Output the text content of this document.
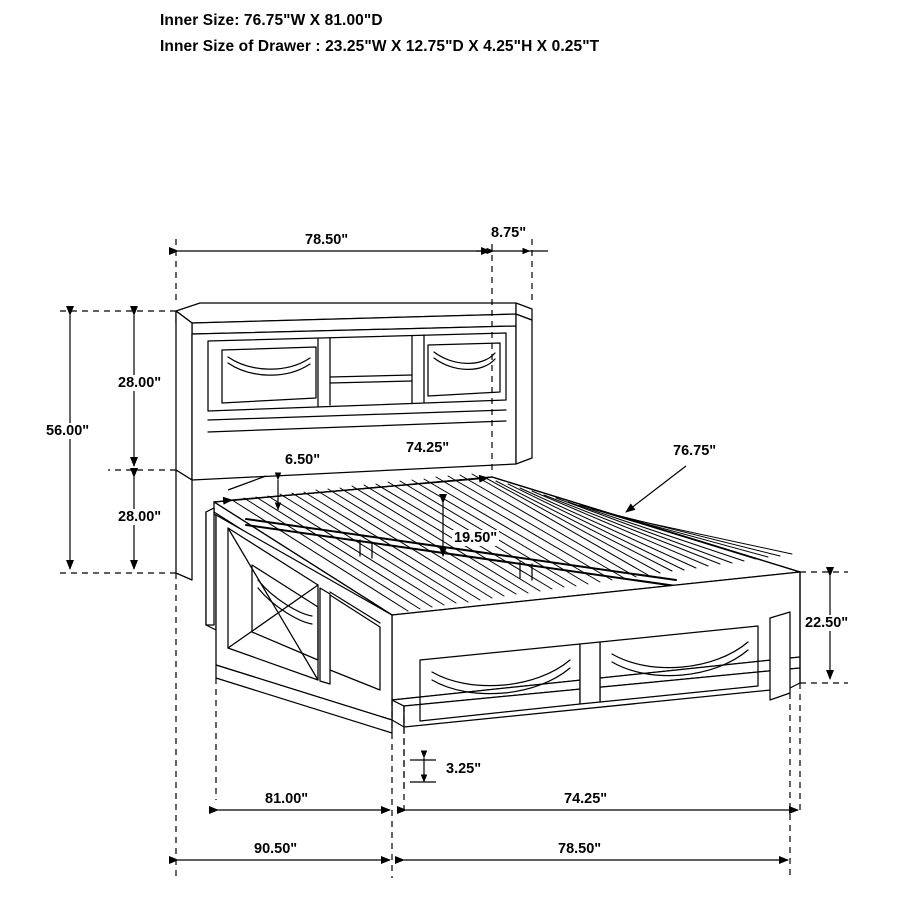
Inner Size: 76.75"W X 81.00"D
Inner Size of Drawer : 23.25"W X 12.75"D X 4.25"H X 0.25"T
78.50"	8.75"
56.00"
28.00"
28.00"
74.25"
6.50"
19.50"
76.75"
22.50"
3.25"
81.00"	74.25"
90.50"	78.50"
